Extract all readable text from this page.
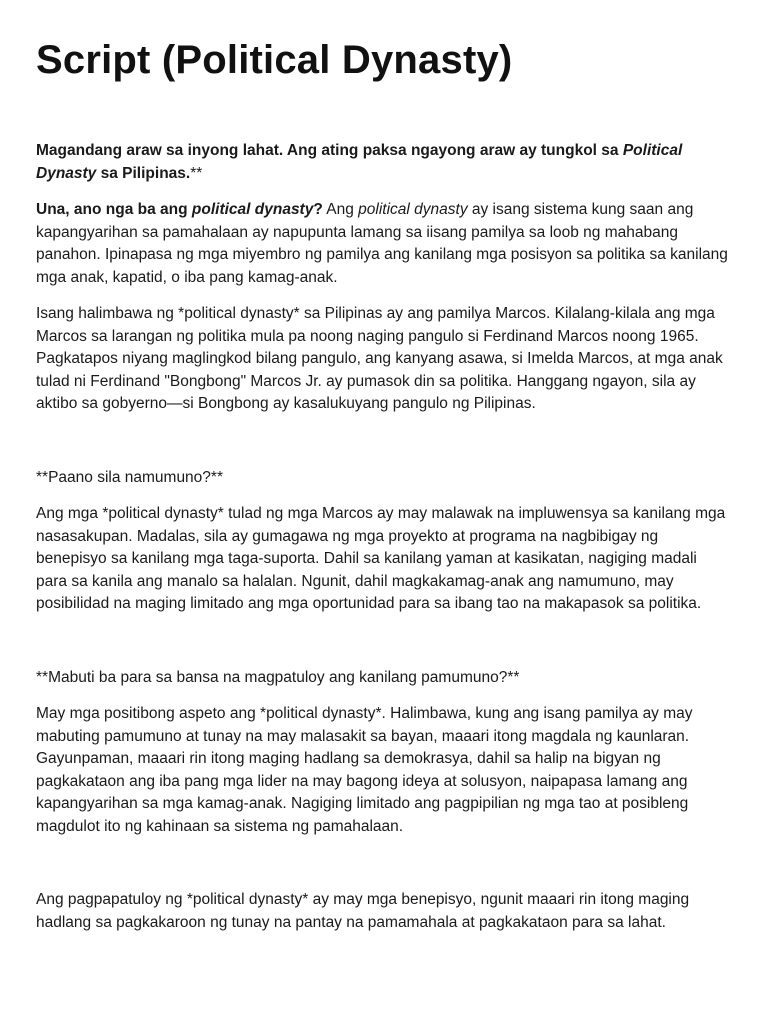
Script (Political Dynasty)

Magandang araw sa inyong lahat. Ang ating paksa ngayong araw ay tungkol sa Political Dynasty sa Pilipinas.**

Una, ano nga ba ang political dynasty? Ang political dynasty ay isang sistema kung saan ang kapangyarihan sa pamahalaan ay napupunta lamang sa iisang pamilya sa loob ng mahabang panahon. Ipinapasa ng mga miyembro ng pamilya ang kanilang mga posisyon sa politika sa kanilang mga anak, kapatid, o iba pang kamag-anak.

Isang halimbawa ng *political dynasty* sa Pilipinas ay ang pamilya Marcos. Kilalang-kilala ang mga Marcos sa larangan ng politika mula pa noong naging pangulo si Ferdinand Marcos noong 1965. Pagkatapos niyang maglingkod bilang pangulo, ang kanyang asawa, si Imelda Marcos, at mga anak tulad ni Ferdinand "Bongbong" Marcos Jr. ay pumasok din sa politika. Hanggang ngayon, sila ay aktibo sa gobyerno—si Bongbong ay kasalukuyang pangulo ng Pilipinas.

**Paano sila namumuno?**

Ang mga *political dynasty* tulad ng mga Marcos ay may malawak na impluwensya sa kanilang mga nasasakupan. Madalas, sila ay gumagawa ng mga proyekto at programa na nagbibigay ng benepisyo sa kanilang mga taga-suporta. Dahil sa kanilang yaman at kasikatan, nagiging madali para sa kanila ang manalo sa halalan. Ngunit, dahil magkakamag-anak ang namumuno, may posibilidad na maging limitado ang mga oportunidad para sa ibang tao na makapasok sa politika.

**Mabuti ba para sa bansa na magpatuloy ang kanilang pamumuno?**

May mga positibong aspeto ang *political dynasty*. Halimbawa, kung ang isang pamilya ay may mabuting pamumuno at tunay na may malasakit sa bayan, maaari itong magdala ng kaunlaran. Gayunpaman, maaari rin itong maging hadlang sa demokrasya, dahil sa halip na bigyan ng pagkakataon ang iba pang mga lider na may bagong ideya at solusyon, naipapasa lamang ang kapangyarihan sa mga kamag-anak. Nagiging limitado ang pagpipilian ng mga tao at posibleng magdulot ito ng kahinaan sa sistema ng pamahalaan.

Ang pagpapatuloy ng *political dynasty* ay may mga benepisyo, ngunit maaari rin itong maging hadlang sa pagkakaroon ng tunay na pantay na pamamahala at pagkakataon para sa lahat.
